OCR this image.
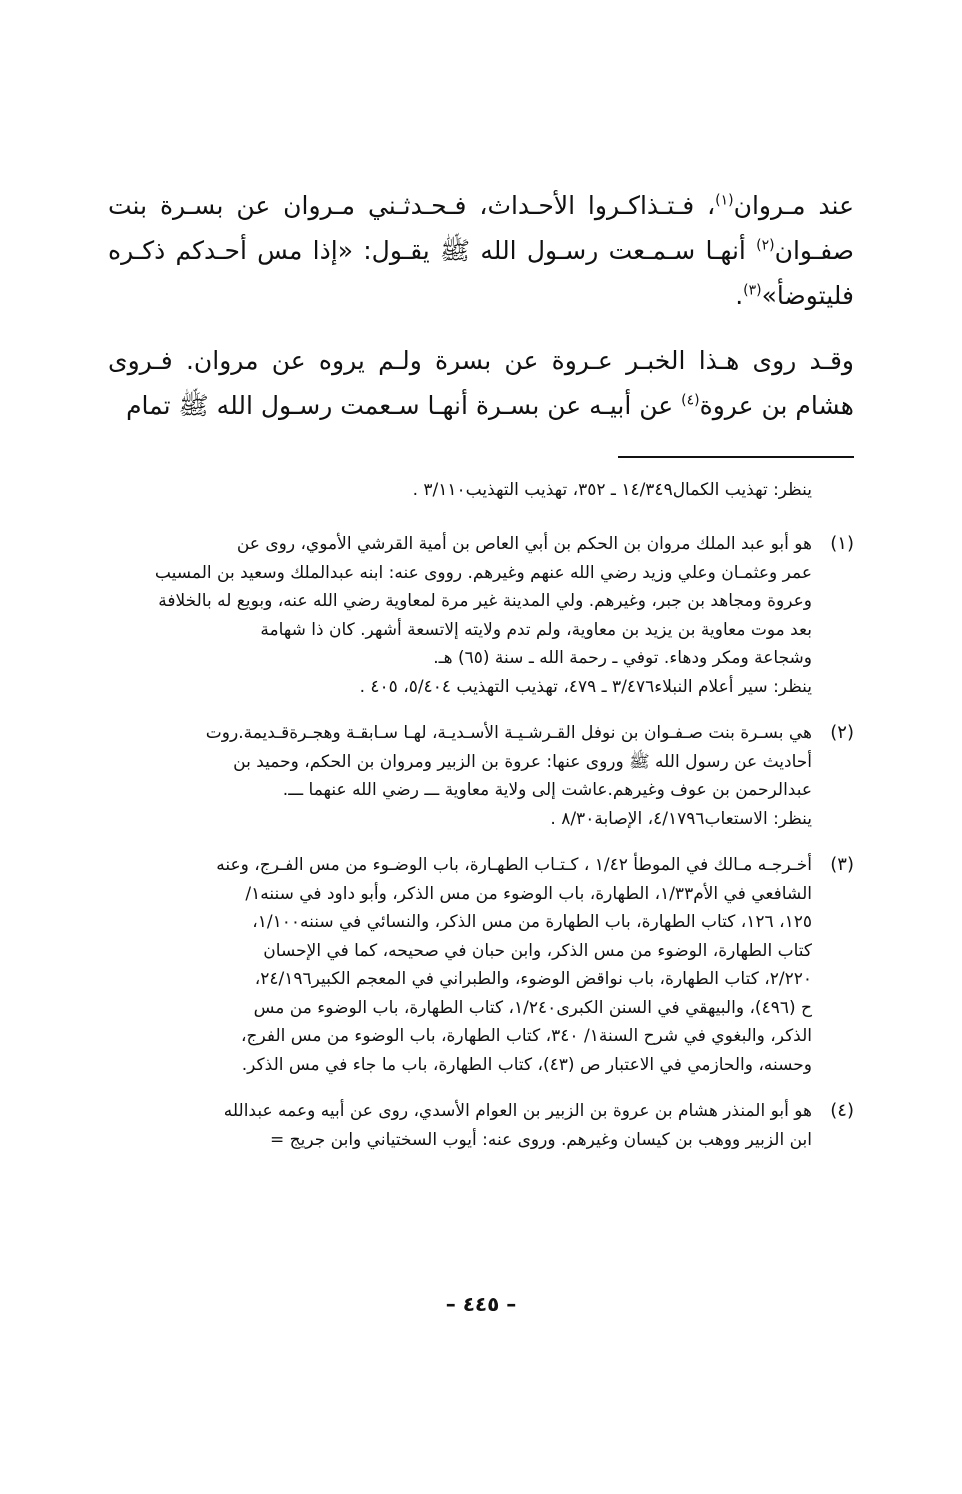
عند مـروان$^{(١)}$، فـتـذاكـروا الأحـداث، فـحـدثـني مـروان عن بسـرة بنت صفـوان$^{(٢)}$ أنهـا سـمـعت رسـول الله ﷺ يقـول: «إذا مس أحـدكم ذكـره فليتوضأ»$^{(٣)}$.

وقـد روى هـذا الخبـر عـروة عن بسرة ولـم يروه عن مروان. فـروى هشام بن عروة$^{(٤)}$ عن أبيـه عن بسـرة أنهـا سـعمت رسـول الله ﷺ تمام

ينظر: تهذيب الكمال١٤/٣٤٩ ـ ٣٥٢، تهذيب التهذيب٣/١١٠ .
(١)
هو أبو عبد الملك مروان بن الحكم بن أبي العاص بن أمية القرشي الأموي، روى عن
عمر وعثمـان وعلي وزيد رضي الله عنهم وغيرهم. رووى عنه: ابنه عبدالملك وسعيد بن المسيب
وعروة ومجاهد بن جبر، وغيرهم. ولي المدينة غير مرة لمعاوية رضي الله عنه، وبويع له بالخلافة
بعد موت معاوية بن يزيد بن معاوية، ولم تدم ولايته إلاتسعة أشهر. كان ذا شهامة
وشجاعة ومكر ودهاء. توفي ـ رحمة الله ـ سنة (٦٥) هـ.
ينظر: سير أعلام النبلاء٣/٤٧٦ ـ ٤٧٩، تهذيب التهذيب ٥/٤٠٤، ٤٠٥ .
(٢)
هي بسـرة بنت صـفـوان بن نوفل القـرشـيـة الأسـديـة، لهـا سـابقـة وهجـرةقـديمة.روت
أحاديث عن رسول الله ﷺ وروى عنها: عروة بن الزبير ومروان بن الحكم، وحميد بن
عبدالرحمن بن عوف وغيرهم.عاشت إلى ولاية معاوية ـــ رضي الله عنهما ـــ.
ينظر: الاستعاب٤/١٧٩٦، الإصابة٨/٣٠ .
(٣)
أخـرجـه مـالك في الموطأ ١/٤٢ ، كـتـاب الطهـارة، باب الوضـوء من مس الفـرج، وعنه
الشافعي في الأم١/٣٣، الطهارة، باب الوضوء من مس الذكر، وأبو داود في سننه١/
١٢٥، ١٢٦، كتاب الطهارة، باب الطهارة من مس الذكر، والنسائي في سننه١/١٠٠،
كتاب الطهارة، الوضوء من مس الذكر، وابن حبان في صحيحه، كما في الإحسان
٢/٢٢٠، كتاب الطهارة، باب نواقض الوضوء، والطبراني في المعجم الكبير٢٤/١٩٦،
ح (٤٩٦)، والبيهقي في السنن الكبرى١/٢٤٠، كتاب الطهارة، باب الوضوء من مس
الذكر، والبغوي في شرح السنة١/ ٣٤٠، كتاب الطهارة، باب الوضوء من مس الفرج،
وحسنه، والحازمي في الاعتبار ص (٤٣)، كتاب الطهارة، باب ما جاء في مس الذكر.
(٤)
هو أبو المنذر هشام بن عروة بن الزبير بن العوام الأسدي، روى عن أبيه وعمه عبدالله
ابن الزبير ووهب بن كيسان وغيرهم. وروى عنه: أيوب السختياني وابن جريج =
– ٤٤٥ –
